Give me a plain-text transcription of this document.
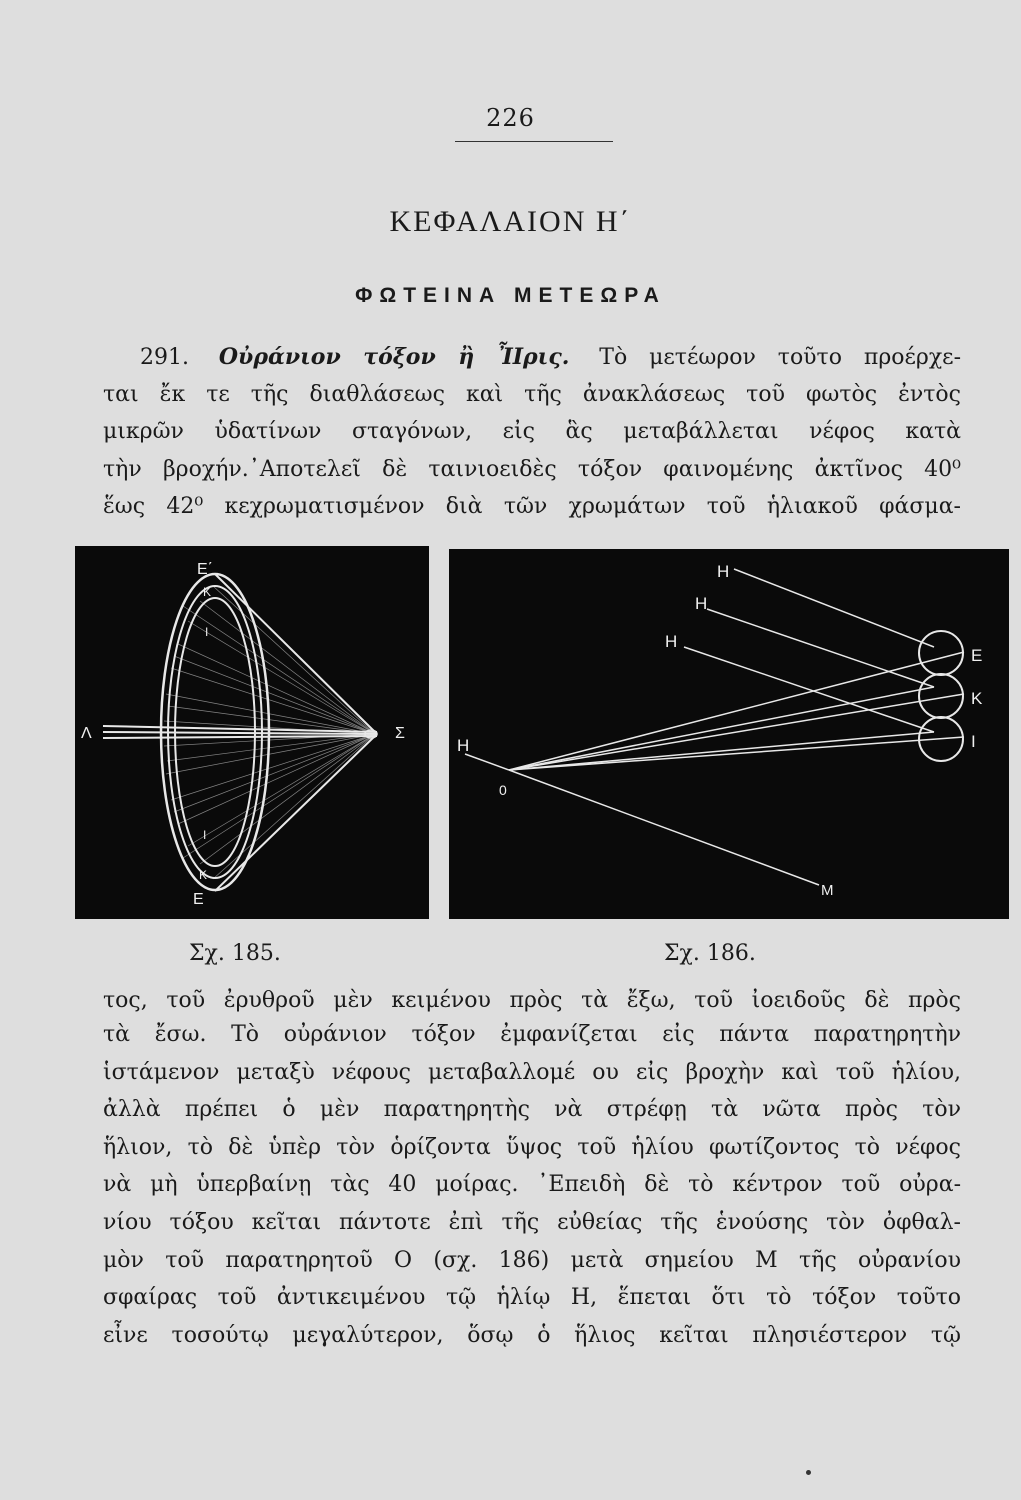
226
ΚΕΦΑΛΑΙΟΝ Η΄
ΦΩΤΕΙΝΑ ΜΕΤΕΩΡΑ
291. Οὐράνιον τόξον ἢ ἾΙρις. Τὸ μετέωρον τοῦτο προέρχε-
ται ἔκ τε τῆς διαθλάσεως καὶ τῆς ἀνακλάσεως τοῦ φωτὸς ἐντὸς
μικρῶν ὑδατίνων σταγόνων, εἰς ἃς μεταβάλλεται νέφος κατὰ
τὴν βροχήν.᾿Αποτελεῖ δὲ ταινιοειδὲς τόξον φαινομένης ἀκτῖνος 40⁰
ἕως 42⁰ κεχρωματισμένον διὰ τῶν χρωμάτων τοῦ ἡλιακοῦ φάσμα-
Ε΄
Κ
Ι
Λ	Σ
Ι
Κ
Ε
Η
Η
Η
Η
Ε
Κ
Ι
0
Μ
Σχ. 185.	Σχ. 186.
τος, τοῦ ἐρυθροῦ μὲν κειμένου πρὸς τὰ ἔξω, τοῦ ἰοειδοῦς δὲ πρὸς
τὰ ἔσω. Τὸ οὐράνιον τόξον ἐμφανίζεται εἰς πάντα παρατηρητὴν
ἱστάμενον μεταξὺ νέφους μεταβαλλομέ ου εἰς βροχὴν καὶ τοῦ ἡλίου,
ἀλλὰ πρέπει ὁ μὲν παρατηρητὴς νὰ στρέφῃ τὰ νῶτα πρὸς τὸν
ἥλιον, τὸ δὲ ὑπὲρ τὸν ὁρίζοντα ὕψος τοῦ ἡλίου φωτίζοντος τὸ νέφος
νὰ μὴ ὑπερβαίνῃ τὰς 40 μοίρας. ᾿Επειδὴ δὲ τὸ κέντρον τοῦ οὐρα-
νίου τόξου κεῖται πάντοτε ἐπὶ τῆς εὐθείας τῆς ἑνούσης τὸν ὀφθαλ-
μὸν τοῦ παρατηρητοῦ Ο (σχ. 186) μετὰ σημείου Μ τῆς οὐρανίου
σφαίρας τοῦ ἀντικειμένου τῷ ἡλίῳ Η, ἕπεται ὅτι τὸ τόξον τοῦτο
εἶνε τοσούτῳ μεγαλύτερον, ὅσῳ ὁ ἥλιος κεῖται πλησιέστερον τῷ
